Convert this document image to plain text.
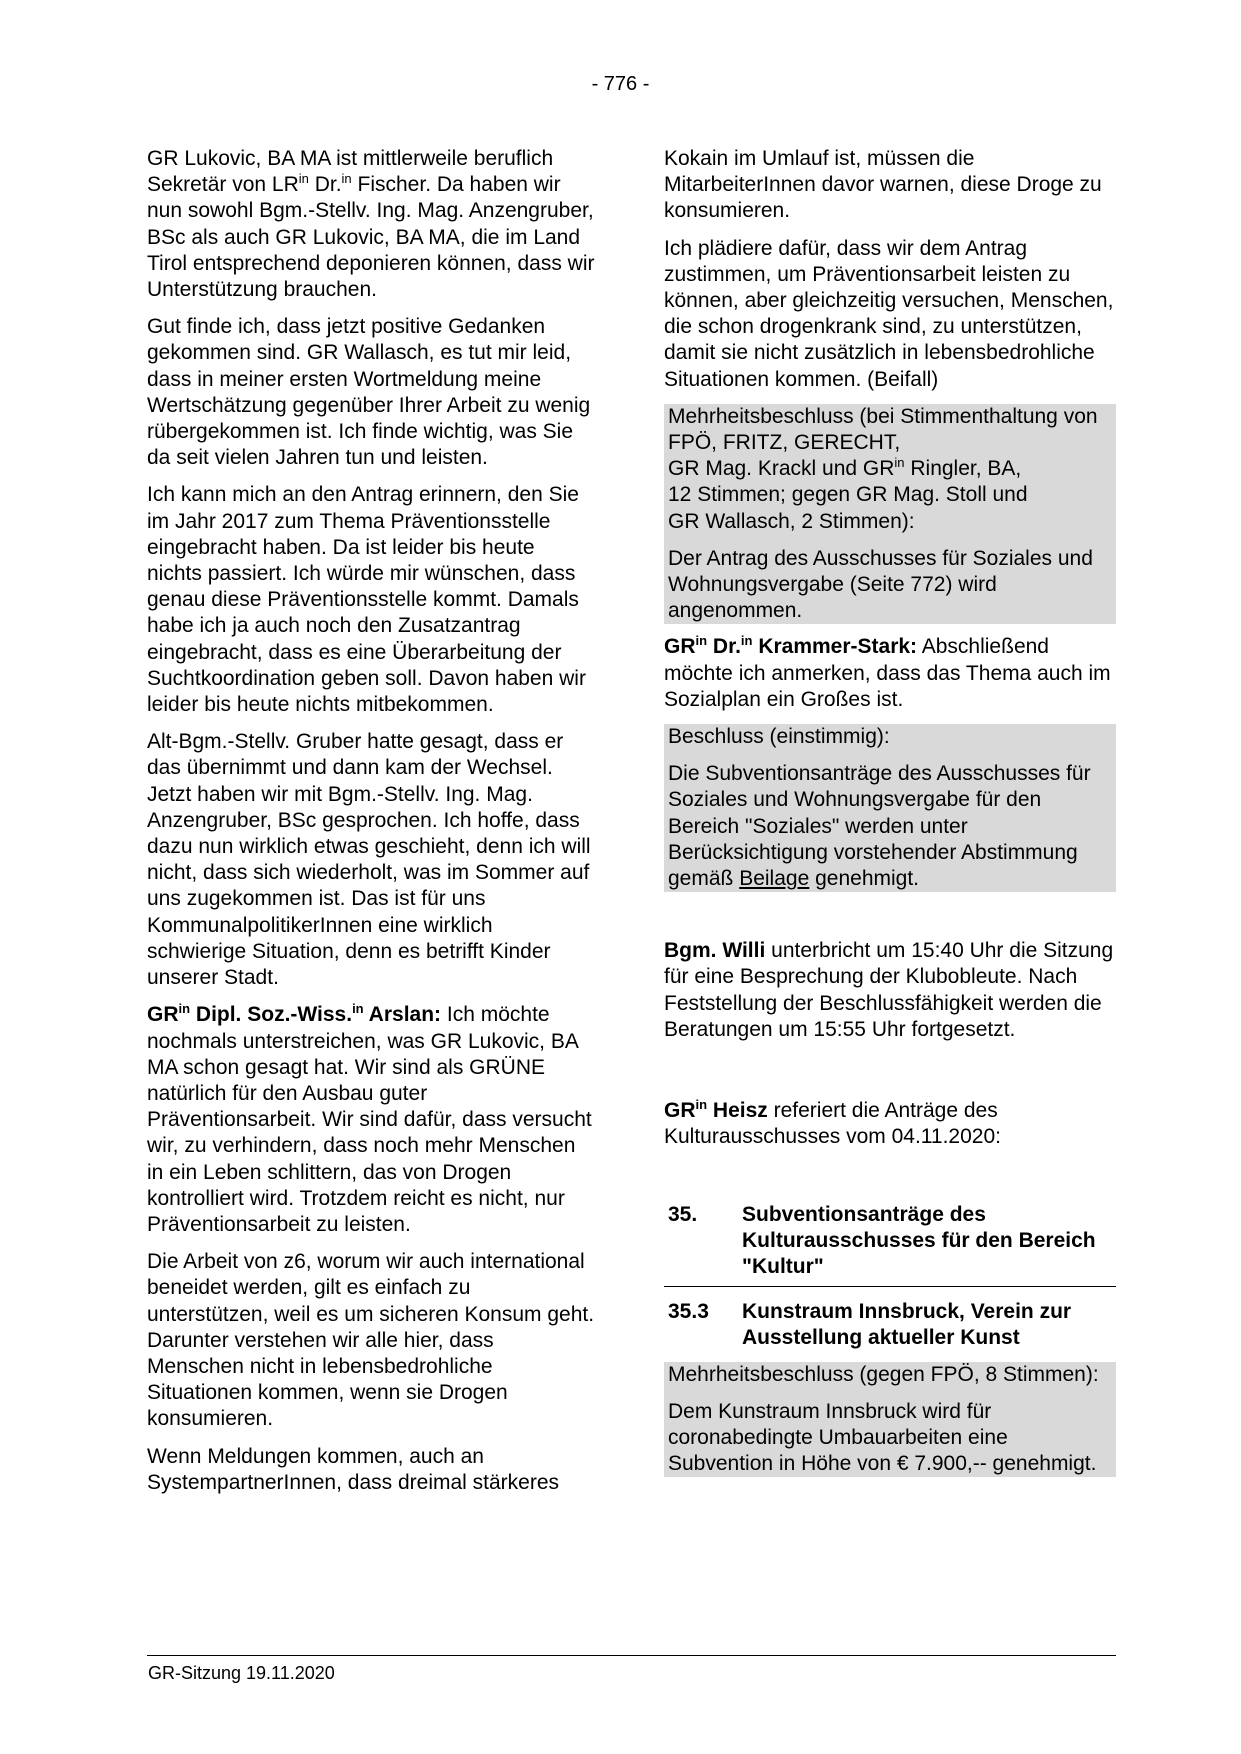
- 776 -

GR Lukovic, BA MA ist mittlerweile beruflich Sekretär von $LR^{in}$ Dr.$^{in}$ Fischer. Da haben wir nun sowohl Bgm.-Stellv. Ing. Mag. Anzengruber, BSc als auch GR Lukovic, BA MA, die im Land Tirol entsprechend deponieren können, dass wir Unterstützung brauchen.

Gut finde ich, dass jetzt positive Gedanken gekommen sind. GR Wallasch, es tut mir leid, dass in meiner ersten Wortmeldung meine Wertschätzung gegenüber Ihrer Arbeit zu wenig rübergekommen ist. Ich finde wichtig, was Sie da seit vielen Jahren tun und leisten.

Ich kann mich an den Antrag erinnern, den Sie im Jahr 2017 zum Thema Präventionsstelle eingebracht haben. Da ist leider bis heute nichts passiert. Ich würde mir wünschen, dass genau diese Präventionsstelle kommt. Damals habe ich ja auch noch den Zusatzantrag eingebracht, dass es eine Überarbeitung der Suchtkoordination geben soll. Davon haben wir leider bis heute nichts mitbekommen.

Alt-Bgm.-Stellv. Gruber hatte gesagt, dass er das übernimmt und dann kam der Wechsel. Jetzt haben wir mit Bgm.-Stellv. Ing. Mag. Anzengruber, BSc gesprochen. Ich hoffe, dass dazu nun wirklich etwas geschieht, denn ich will nicht, dass sich wiederholt, was im Sommer auf uns zugekommen ist. Das ist für uns KommunalpolitikerInnen eine wirklich schwierige Situation, denn es betrifft Kinder unserer Stadt.

$GR^{in}$ Dipl. Soz.-Wiss.$^{in}$ Arslan: Ich möchte nochmals unterstreichen, was GR Lukovic, BA MA schon gesagt hat. Wir sind als GRÜNE natürlich für den Ausbau guter Präventionsarbeit. Wir sind dafür, dass versucht wir, zu verhindern, dass noch mehr Menschen in ein Leben schlittern, das von Drogen kontrolliert wird. Trotzdem reicht es nicht, nur Präventionsarbeit zu leisten.

Die Arbeit von z6, worum wir auch international beneidet werden, gilt es einfach zu unterstützen, weil es um sicheren Konsum geht. Darunter verstehen wir alle hier, dass Menschen nicht in lebensbedrohliche Situationen kommen, wenn sie Drogen konsumieren.

Wenn Meldungen kommen, auch an SystempartnerInnen, dass dreimal stärkeres

Kokain im Umlauf ist, müssen die MitarbeiterInnen davor warnen, diese Droge zu konsumieren.

Ich plädiere dafür, dass wir dem Antrag zustimmen, um Präventionsarbeit leisten zu können, aber gleichzeitig versuchen, Menschen, die schon drogenkrank sind, zu unterstützen, damit sie nicht zusätzlich in lebensbedrohliche Situationen kommen. (Beifall)

Mehrheitsbeschluss (bei Stimmenthaltung von FPÖ, FRITZ, GERECHT,
GR Mag. Krackl und $GR^{in}$ Ringler, BA,
12 Stimmen; gegen GR Mag. Stoll und
GR Wallasch, 2 Stimmen):

Der Antrag des Ausschusses für Soziales und Wohnungsvergabe (Seite 772) wird angenommen.

$GR^{in}$ Dr.$^{in}$ Krammer-Stark: Abschließend möchte ich anmerken, dass das Thema auch im Sozialplan ein Großes ist.

Beschluss (einstimmig):

Die Subventionsanträge des Ausschusses für Soziales und Wohnungsvergabe für den Bereich "Soziales" werden unter Berücksichtigung vorstehender Abstimmung gemäß Beilage genehmigt.

Bgm. Willi unterbricht um 15:40 Uhr die Sitzung für eine Besprechung der Klubobleute. Nach Feststellung der Beschlussfähigkeit werden die Beratungen um 15:55 Uhr fortgesetzt.

$GR^{in}$ Heisz referiert die Anträge des Kulturausschusses vom 04.11.2020:

35.	Subventionsanträge des Kulturausschusses für den Bereich "Kultur"
35.3	Kunstraum Innsbruck, Verein zur Ausstellung aktueller Kunst

Mehrheitsbeschluss (gegen FPÖ, 8 Stimmen):

Dem Kunstraum Innsbruck wird für coronabedingte Umbauarbeiten eine Subvention in Höhe von € 7.900,-- genehmigt.

GR-Sitzung 19.11.2020
